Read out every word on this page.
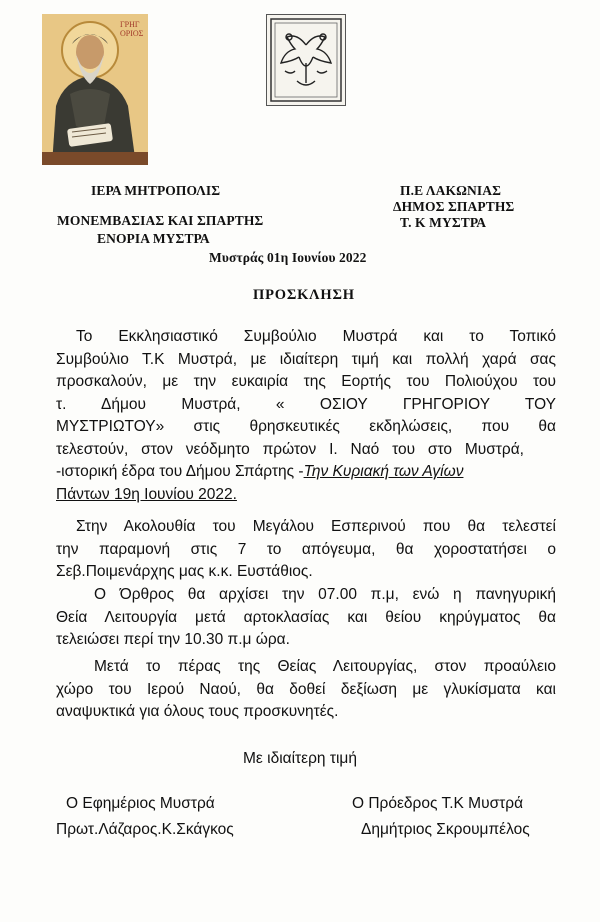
ΓΡΗΓΟΡΙΟΣ
ΙΕΡΑ ΜΗΤΡΟΠΟΛΙΣ
ΜΟΝΕΜΒΑΣΙΑΣ ΚΑΙ ΣΠΑΡΤΗΣ
ΕΝΟΡΙΑ ΜΥΣΤΡΑ
Π.Ε ΛΑΚΩΝΙΑΣ
ΔΗΜΟΣ ΣΠΑΡΤΗΣ
Τ. Κ ΜΥΣΤΡΑ
Μυστράς 01η Ιουνίου 2022
ΠΡΟΣΚΛΗΣΗ
Το Εκκλησιαστικό Συμβούλιο Μυστρά και το Τοπικό
Συμβούλιο Τ.Κ Μυστρά, με ιδιαίτερη τιμή και πολλή χαρά σας
προσκαλούν, με την ευκαιρία της Εορτής του Πολιούχου του
τ. Δήμου Μυστρά, « ΟΣΙΟΥ ΓΡΗΓΟΡΙΟΥ ΤΟΥ
ΜΥΣΤΡΙΩΤΟΥ» στις θρησκευτικές εκδηλώσεις, που θα
τελεστούν, στον νεόδμητο πρώτον Ι. Ναό του στο Μυστρά,
-ιστορική έδρα του Δήμου Σπάρτης -Την Κυριακή των Αγίων
Πάντων 19η Ιουνίου 2022.
Στην Ακολουθία του Μεγάλου Εσπερινού που θα τελεστεί
την παραμονή στις 7 το απόγευμα, θα χοροστατήσει ο
Σεβ.Ποιμενάρχης μας κ.κ. Ευστάθιος.
Ο Όρθρος θα αρχίσει την 07.00 π.μ, ενώ η πανηγυρική
Θεία Λειτουργία μετά αρτοκλασίας και θείου κηρύγματος θα
τελειώσει περί την 10.30 π.μ ώρα.
Μετά το πέρας της Θείας Λειτουργίας, στον προαύλειο
χώρο του Ιερού Ναού, θα δοθεί δεξίωση με γλυκίσματα και
αναψυκτικά για όλους τους προσκυνητές.
Με ιδιαίτερη τιμή
Ο Εφημέριος Μυστρά
Πρωτ.Λάζαρος.Κ.Σκάγκος
Ο Πρόεδρος Τ.Κ Μυστρά
Δημήτριος Σκρουμπέλος
